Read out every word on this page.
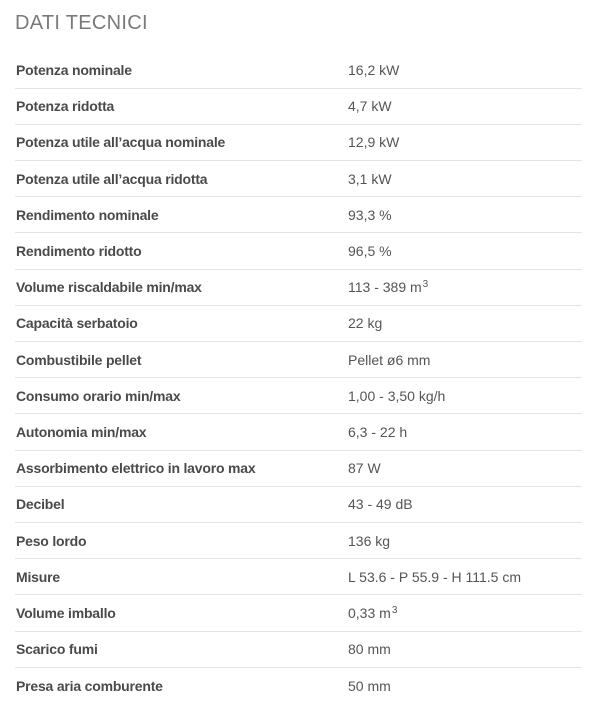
DATI TECNICI
Potenza nominale	16,2 kW
Potenza ridotta	4,7 kW
Potenza utile all’acqua nominale	12,9 kW
Potenza utile all’acqua ridotta	3,1 kW
Rendimento nominale	93,3 %
Rendimento ridotto	96,5 %
Volume riscaldabile min/max	113 - 389 $m^3$
Capacità serbatoio	22 kg
Combustibile pellet	Pellet ø6 mm
Consumo orario min/max	1,00 - 3,50 kg/h
Autonomia min/max	6,3 - 22 h
Assorbimento elettrico in lavoro max	87 W
Decibel	43 - 49 dB
Peso lordo	136 kg
Misure	L 53.6 - P 55.9 - H 111.5 cm
Volume imballo	0,33 $m^3$
Scarico fumi	80 mm
Presa aria comburente	50 mm
